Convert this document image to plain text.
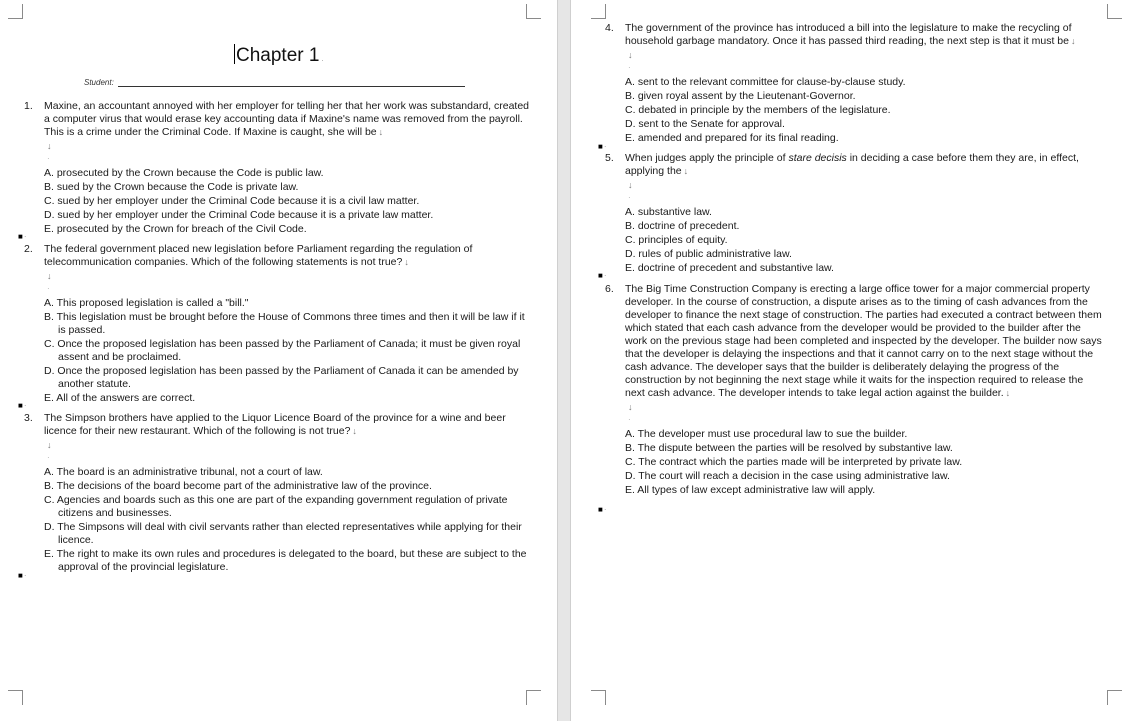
Chapter 1 .
Student:
1.	Maxine, an accountant annoyed with her employer for telling her that her work was substandard, created a computer virus that would erase key accounting data if Maxine's name was removed from the payroll. This is a crime under the Criminal Code. If Maxine is caught, she will be ↓

↓
·
A. prosecuted by the Crown because the Code is public law.
B. sued by the Crown because the Code is private law.
C. sued by her employer under the Criminal Code because it is a civil law matter.
D. sued by her employer under the Criminal Code because it is a private law matter.
E. prosecuted by the Crown for breach of the Civil Code.
■·
2.	The federal government placed new legislation before Parliament regarding the regulation of telecommunication companies. Which of the following statements is not true? ↓

↓
·
A. This proposed legislation is called a "bill."
B. This legislation must be brought before the House of Commons three times and then it will be law if it is passed.
C. Once the proposed legislation has been passed by the Parliament of Canada; it must be given royal assent and be proclaimed.
D. Once the proposed legislation has been passed by the Parliament of Canada it can be amended by another statute.
E. All of the answers are correct.
■·
3.	The Simpson brothers have applied to the Liquor Licence Board of the province for a wine and beer licence for their new restaurant. Which of the following is not true? ↓

↓
·
A. The board is an administrative tribunal, not a court of law.
B. The decisions of the board become part of the administrative law of the province.
C. Agencies and boards such as this one are part of the expanding government regulation of private citizens and businesses.
D. The Simpsons will deal with civil servants rather than elected representatives while applying for their licence.
E. The right to make its own rules and procedures is delegated to the board, but these are subject to the approval of the provincial legislature.
■·
4.	The government of the province has introduced a bill into the legislature to make the recycling of household garbage mandatory. Once it has passed third reading, the next step is that it must be ↓

↓
·
A. sent to the relevant committee for clause-by-clause study.
B. given royal assent by the Lieutenant-Governor.
C. debated in principle by the members of the legislature.
D. sent to the Senate for approval.
E. amended and prepared for its final reading.
■·
5.	When judges apply the principle of stare decisis in deciding a case before them they are, in effect, applying the ↓

↓
·
A. substantive law.
B. doctrine of precedent.
C. principles of equity.
D. rules of public administrative law.
E. doctrine of precedent and substantive law.
■·
6.	The Big Time Construction Company is erecting a large office tower for a major commercial property developer. In the course of construction, a dispute arises as to the timing of cash advances from the developer to finance the next stage of construction. The parties had executed a contract between them which stated that each cash advance from the developer would be provided to the builder after the work on the previous stage had been completed and inspected by the developer. The builder now says that the developer is delaying the inspections and that it cannot carry on to the next stage without the cash advance. The developer says that the builder is deliberately delaying the progress of the construction by not beginning the next stage while it waits for the inspection required to release the next cash advance. The developer intends to take legal action against the builder. ↓

↓
·
A. The developer must use procedural law to sue the builder.
B. The dispute between the parties will be resolved by substantive law.
C. The contract which the parties made will be interpreted by private law.
D. The court will reach a decision in the case using administrative law.
E. All types of law except administrative law will apply.
■·
